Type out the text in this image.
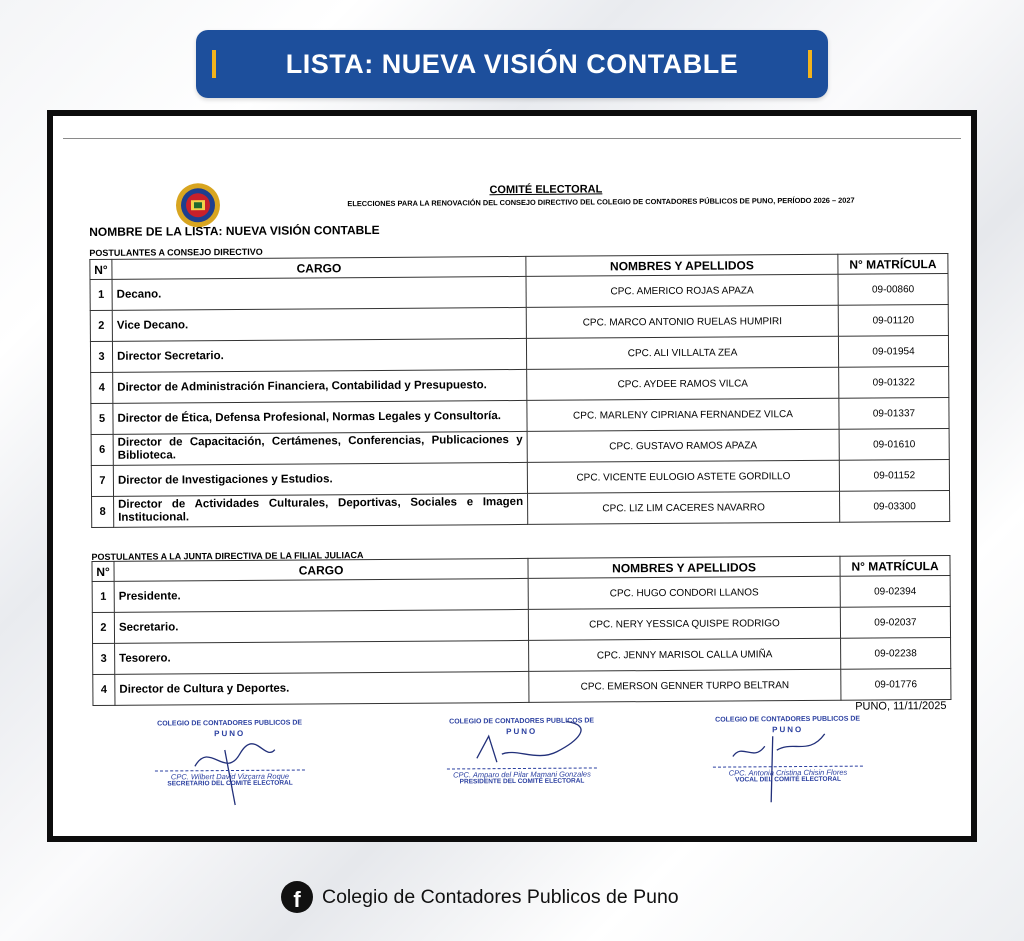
LISTA: NUEVA VISIÓN CONTABLE
COMITÉ ELECTORAL
ELECCIONES PARA LA RENOVACIÓN DEL CONSEJO DIRECTIVO DEL COLEGIO DE CONTADORES PÚBLICOS DE PUNO, PERÍODO 2026 – 2027
NOMBRE DE LA LISTA: NUEVA VISIÓN CONTABLE
POSTULANTES A CONSEJO DIRECTIVO
N°	CARGO	NOMBRES Y APELLIDOS	N° MATRÍCULA
1	Decano.	CPC. AMERICO ROJAS APAZA	09-00860
2	Vice Decano.	CPC. MARCO ANTONIO RUELAS HUMPIRI	09-01120
3	Director Secretario.	CPC. ALI VILLALTA ZEA	09-01954
4	Director de Administración Financiera, Contabilidad y Presupuesto.	CPC. AYDEE RAMOS VILCA	09-01322
5	Director de Ética, Defensa Profesional, Normas Legales y Consultoría.	CPC. MARLENY CIPRIANA FERNANDEZ VILCA	09-01337
6	Director de Capacitación, Certámenes, Conferencias, Publicaciones y Biblioteca.	CPC. GUSTAVO RAMOS APAZA	09-01610
7	Director de Investigaciones y Estudios.	CPC. VICENTE EULOGIO ASTETE GORDILLO	09-01152
8	Director de Actividades Culturales, Deportivas, Sociales e Imagen Institucional.	CPC. LIZ LIM CACERES NAVARRO	09-03300
POSTULANTES A LA JUNTA DIRECTIVA DE LA FILIAL JULIACA
N°	CARGO	NOMBRES Y APELLIDOS	N° MATRÍCULA
1	Presidente.	CPC. HUGO CONDORI LLANOS	09-02394
2	Secretario.	CPC. NERY YESSICA QUISPE RODRIGO	09-02037
3	Tesorero.	CPC. JENNY MARISOL CALLA UMIÑA	09-02238
4	Director de Cultura y Deportes.	CPC. EMERSON GENNER TURPO BELTRAN	09-01776
PUNO, 11/11/2025
COLEGIO DE CONTADORES PUBLICOS DE
PUNO
CPC. Wilbert David Vizcarra Roque
SECRETARIO DEL COMITÉ ELECTORAL
COLEGIO DE CONTADORES PUBLICOS DE
PUNO
CPC. Amparo del Pilar Mamani Gonzales
PRESIDENTE DEL COMITÉ ELECTORAL
COLEGIO DE CONTADORES PUBLICOS DE
PUNO
CPC. Antonia Cristina Chisin Flores
VOCAL DEL COMITÉ ELECTORAL
f	Colegio de Contadores Publicos de Puno
